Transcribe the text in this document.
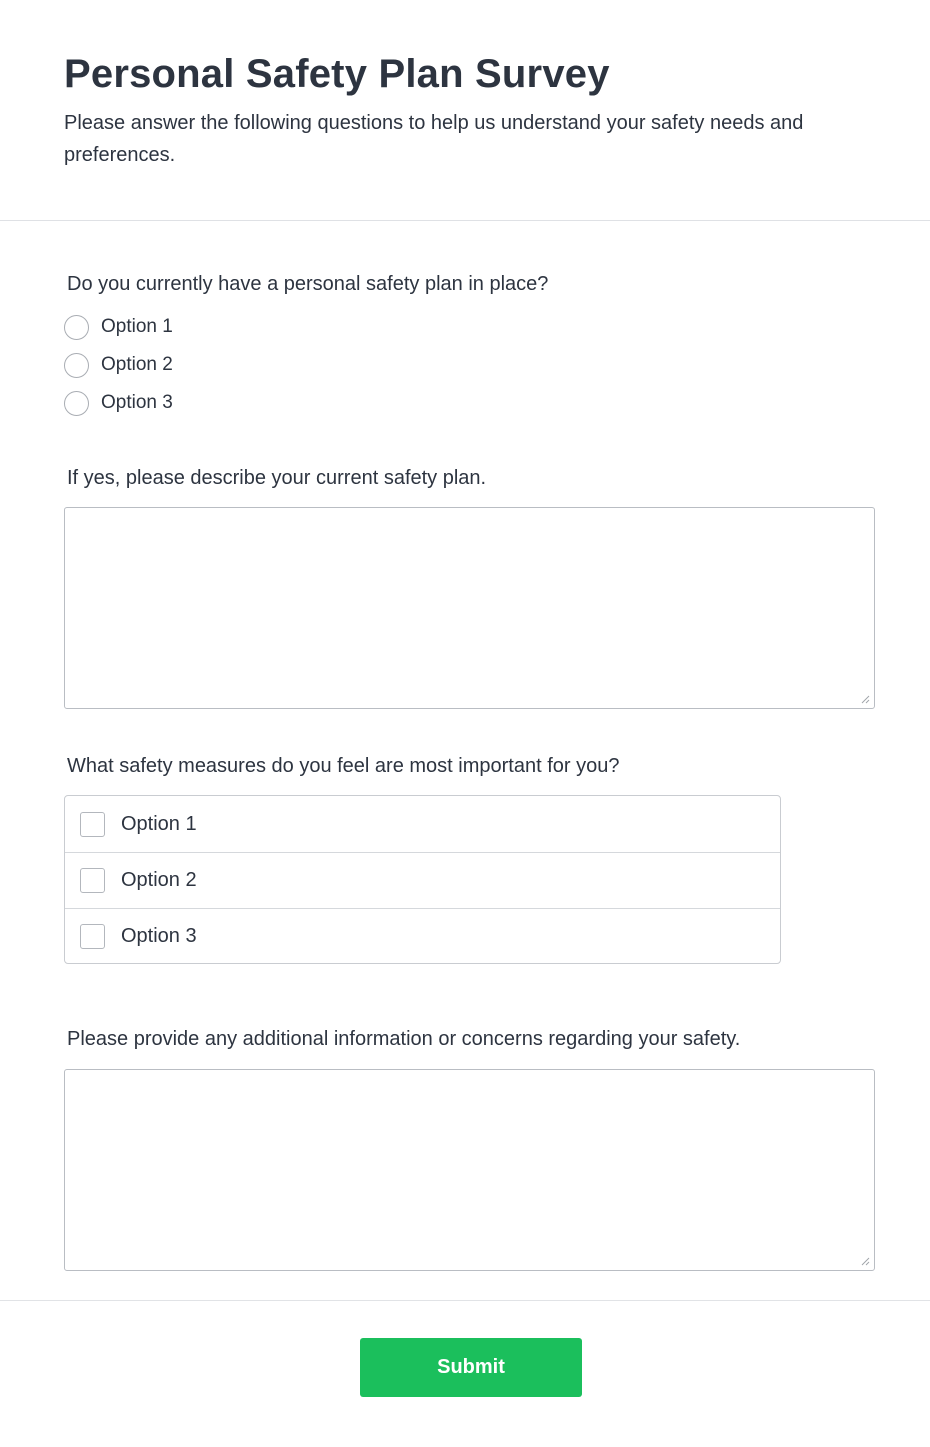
Personal Safety Plan Survey

Please answer the following questions to help us understand your safety needs and preferences.

Do you currently have a personal safety plan in place?
Option 1
Option 2
Option 3
If yes, please describe your current safety plan.
What safety measures do you feel are most important for you?
Option 1
Option 2
Option 3
Please provide any additional information or concerns regarding your safety.
Submit
